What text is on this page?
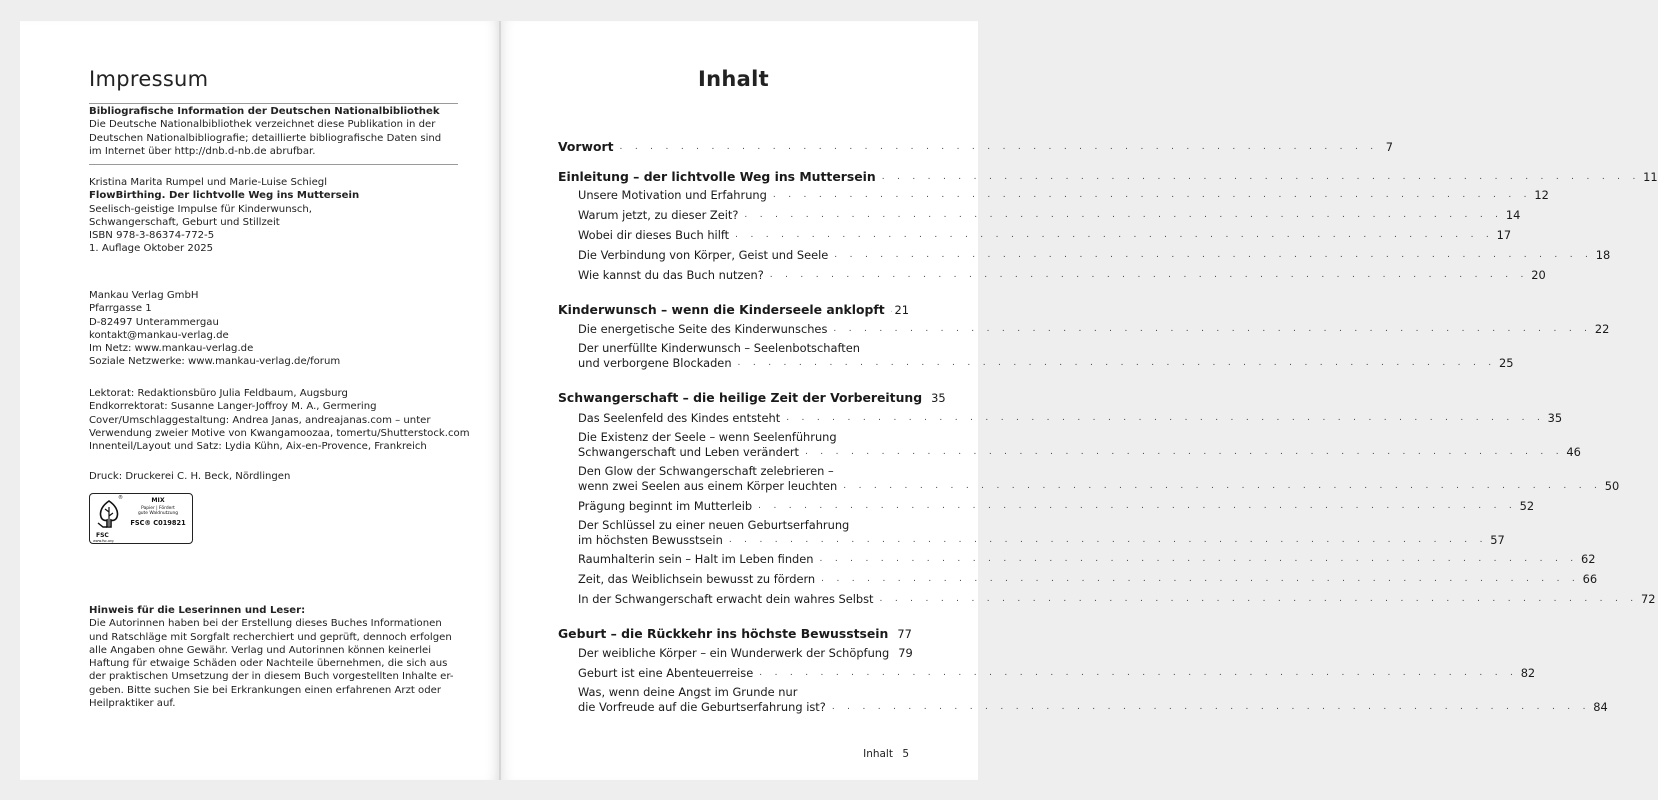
Impressum
Bibliografische Information der Deutschen Nationalbibliothek
Die Deutsche Nationalbibliothek verzeichnet diese Publikation in der
Deutschen Nationalbibliografie; detaillierte bibliografische Daten sind
im Internet über http://dnb.d-nb.de abrufbar.
Kristina Marita Rumpel und Marie-Luise Schiegl
FlowBirthing. Der lichtvolle Weg ins Muttersein
Seelisch-geistige Impulse für Kinderwunsch,
Schwangerschaft, Geburt und Stillzeit
ISBN 978-3-86374-772-5
1. Auflage Oktober 2025
Mankau Verlag GmbH
Pfarrgasse 1
D-82497 Unterammergau
kontakt@mankau-verlag.de
Im Netz: www.mankau-verlag.de
Soziale Netzwerke: www.mankau-verlag.de/forum
Lektorat: Redaktionsbüro Julia Feldbaum, Augsburg
Endkorrektorat: Susanne Langer-Joffroy M. A., Germering
Cover/Umschlaggestaltung: Andrea Janas, andreajanas.com – unter
Verwendung zweier Motive von Kwangamoozaa, tomertu/Shutterstock.com
Innenteil/Layout und Satz: Lydia Kühn, Aix-en-Provence, Frankreich
Druck: Druckerei C. H. Beck, Nördlingen
®
FSC
www.fsc.org
MIX
Papier | Fördert
gute Waldnutzung
FSC® C019821
Hinweis für die Leserinnen und Leser:
Die Autorinnen haben bei der Erstellung dieses Buches Informationen
und Ratschläge mit Sorgfalt recherchiert und geprüft, dennoch erfolgen
alle Angaben ohne Gewähr. Verlag und Autorinnen können keinerlei
Haftung für etwaige Schäden oder Nachteile übernehmen, die sich aus
der praktischen Umsetzung der in diesem Buch vorgestellten Inhalte er-
geben. Bitte suchen Sie bei Erkrankungen einen erfahrenen Arzt oder
Heilpraktiker auf.
Inhalt
Vorwort . . . . . . . . . . . . . . . . . . . . . . . . . . . . . . . . . . . . . . . . . . . . . . . . . . 7
Einleitung – der lichtvolle Weg ins Muttersein . . . . . . . . . . . . . . . . . . . . . . . . . . . . . . . . . . . . . . . . . . . . . . . . . . 11
Unsere Motivation und Erfahrung . . . . . . . . . . . . . . . . . . . . . . . . . . . . . . . . . . . . . . . . . . . . . . . . . . 12
Warum jetzt, zu dieser Zeit? . . . . . . . . . . . . . . . . . . . . . . . . . . . . . . . . . . . . . . . . . . . . . . . . . . 14
Wobei dir dieses Buch hilft . . . . . . . . . . . . . . . . . . . . . . . . . . . . . . . . . . . . . . . . . . . . . . . . . . 17
Die Verbindung von Körper, Geist und Seele . . . . . . . . . . . . . . . . . . . . . . . . . . . . . . . . . . . . . . . . . . . . . . . . . . 18
Wie kannst du das Buch nutzen? . . . . . . . . . . . . . . . . . . . . . . . . . . . . . . . . . . . . . . . . . . . . . . . . . . 20
Kinderwunsch – wenn die Kinderseele anklopft 21
Die energetische Seite des Kinderwunsches . . . . . . . . . . . . . . . . . . . . . . . . . . . . . . . . . . . . . . . . . . . . . . . . . . 22
Der unerfüllte Kinderwunsch – Seelenbotschaften
und verborgene Blockaden . . . . . . . . . . . . . . . . . . . . . . . . . . . . . . . . . . . . . . . . . . . . . . . . . . 25
Schwangerschaft – die heilige Zeit der Vorbereitung 35
Das Seelenfeld des Kindes entsteht . . . . . . . . . . . . . . . . . . . . . . . . . . . . . . . . . . . . . . . . . . . . . . . . . . 35
Die Existenz der Seele – wenn Seelenführung
Schwangerschaft und Leben verändert . . . . . . . . . . . . . . . . . . . . . . . . . . . . . . . . . . . . . . . . . . . . . . . . . . 46
Den Glow der Schwangerschaft zelebrieren –
wenn zwei Seelen aus einem Körper leuchten . . . . . . . . . . . . . . . . . . . . . . . . . . . . . . . . . . . . . . . . . . . . . . . . . . 50
Prägung beginnt im Mutterleib . . . . . . . . . . . . . . . . . . . . . . . . . . . . . . . . . . . . . . . . . . . . . . . . . . 52
Der Schlüssel zu einer neuen Geburtserfahrung
im höchsten Bewusstsein . . . . . . . . . . . . . . . . . . . . . . . . . . . . . . . . . . . . . . . . . . . . . . . . . . 57
Raumhalterin sein – Halt im Leben finden . . . . . . . . . . . . . . . . . . . . . . . . . . . . . . . . . . . . . . . . . . . . . . . . . . 62
Zeit, das Weiblichsein bewusst zu fördern . . . . . . . . . . . . . . . . . . . . . . . . . . . . . . . . . . . . . . . . . . . . . . . . . . 66
In der Schwangerschaft erwacht dein wahres Selbst . . . . . . . . . . . . . . . . . . . . . . . . . . . . . . . . . . . . . . . . . . . . . . . . . . 72
Geburt – die Rückkehr ins höchste Bewusstsein 77
Der weibliche Körper – ein Wunderwerk der Schöpfung 79
Geburt ist eine Abenteuerreise . . . . . . . . . . . . . . . . . . . . . . . . . . . . . . . . . . . . . . . . . . . . . . . . . . 82
Was, wenn deine Angst im Grunde nur
die Vorfreude auf die Geburtserfahrung ist? . . . . . . . . . . . . . . . . . . . . . . . . . . . . . . . . . . . . . . . . . . . . . . . . . . 84
Inhalt 5
